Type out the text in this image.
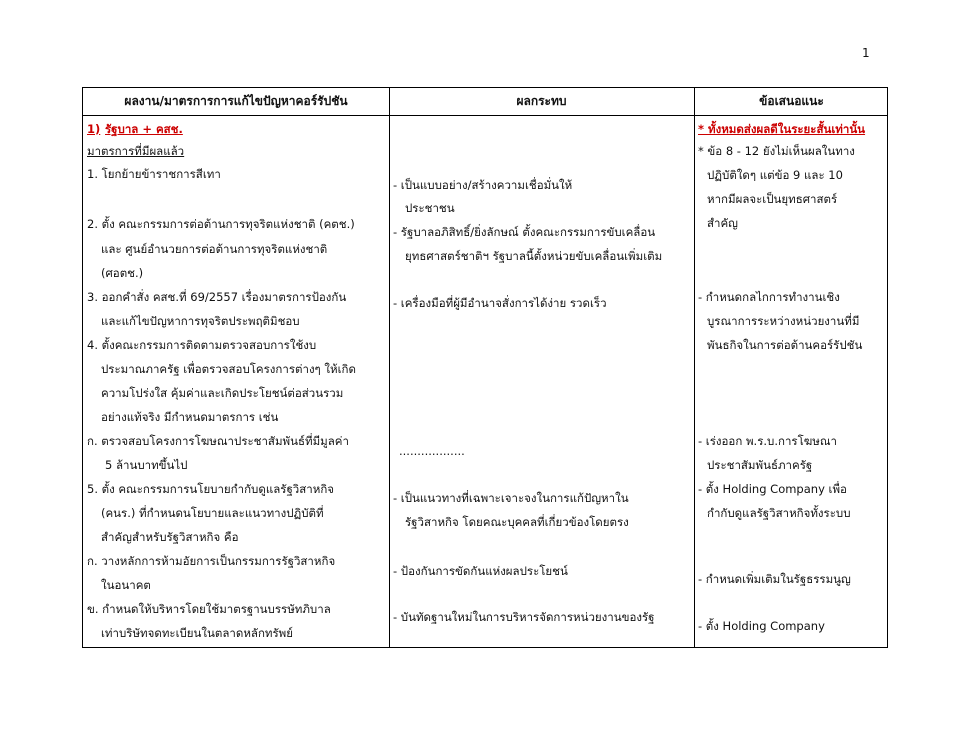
1
ผลงาน/มาตรการการแก้ไขปัญหาคอร์รัปชัน	ผลกระทบ	ข้อเสนอแนะ
1) รัฐบาล + คสช.
มาตรการที่มีผลแล้ว
1. โยกย้ายข้าราชการสีเทา
2. ตั้ง คณะกรรมการต่อต้านการทุจริตแห่งชาติ (คตช.)
และ ศูนย์อำนวยการต่อต้านการทุจริตแห่งชาติ
(ศอตช.)
3. ออกคำสั่ง คสช.ที่ 69/2557 เรื่องมาตรการป้องกัน
และแก้ไขปัญหาการทุจริตประพฤติมิชอบ
4. ตั้งคณะกรรมการติดตามตรวจสอบการใช้งบ
ประมาณภาครัฐ เพื่อตรวจสอบโครงการต่างๆ ให้เกิด
ความโปร่งใส คุ้มค่าและเกิดประโยชน์ต่อส่วนรวม
อย่างแท้จริง มีกำหนดมาตรการ เช่น
ก. ตรวจสอบโครงการโฆษณาประชาสัมพันธ์ที่มีมูลค่า
5 ล้านบาทขึ้นไป
5. ตั้ง คณะกรรมการนโยบายกำกับดูแลรัฐวิสาหกิจ
(คนร.) ที่กำหนดนโยบายและแนวทางปฏิบัติที่
สำคัญสำหรับรัฐวิสาหกิจ คือ
ก. วางหลักการห้ามอัยการเป็นกรรมการรัฐวิสาหกิจ
ในอนาคต
ข. กำหนดให้บริหารโดยใช้มาตรฐานบรรษัทภิบาล
เท่าบริษัทจดทะเบียนในตลาดหลักทรัพย์
- เป็นแบบอย่าง/สร้างความเชื่อมั่นให้
ประชาชน
- รัฐบาลอภิสิทธิ์/ยิ่งลักษณ์ ตั้งคณะกรรมการขับเคลื่อน
ยุทธศาสตร์ชาติฯ รัฐบาลนี้ตั้งหน่วยขับเคลื่อนเพิ่มเติม
- เครื่องมือที่ผู้มีอำนาจสั่งการได้ง่าย รวดเร็ว
..................
- เป็นแนวทางที่เฉพาะเจาะจงในการแก้ปัญหาใน
รัฐวิสาหกิจ โดยคณะบุคคลที่เกี่ยวข้องโดยตรง
- ป้องกันการขัดกันแห่งผลประโยชน์
- บันทัดฐานใหม่ในการบริหารจัดการหน่วยงานของรัฐ
* ทั้งหมดส่งผลดีในระยะสั้นเท่านั้น
* ข้อ 8 - 12 ยังไม่เห็นผลในทาง
ปฏิบัติใดๆ แต่ข้อ 9 และ 10
หากมีผลจะเป็นยุทธศาสตร์
สำคัญ
- กำหนดกลไกการทำงานเชิง
บูรณาการระหว่างหน่วยงานที่มี
พันธกิจในการต่อต้านคอร์รัปชัน
- เร่งออก พ.ร.บ.การโฆษณา
ประชาสัมพันธ์ภาครัฐ
- ตั้ง Holding Company เพื่อ
กำกับดูแลรัฐวิสาหกิจทั้งระบบ
- กำหนดเพิ่มเติมในรัฐธรรมนูญ
- ตั้ง Holding Company
